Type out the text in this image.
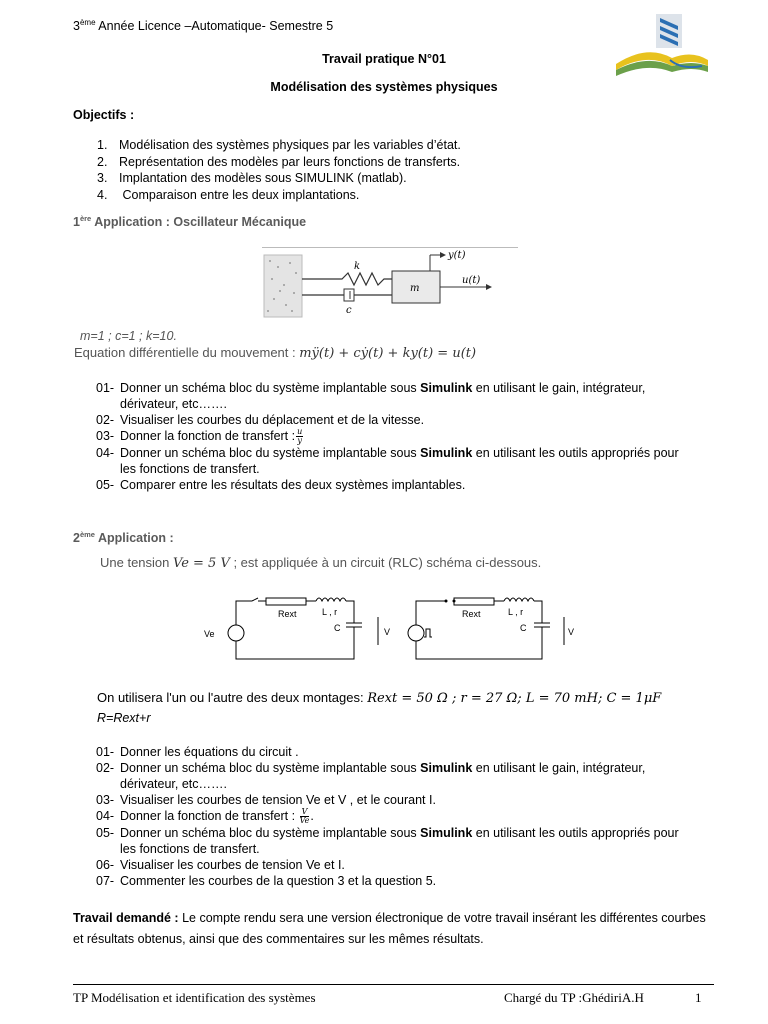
3ème Année Licence –Automatique- Semestre 5
Travail pratique N°01
Modélisation des systèmes physiques
Objectifs :
1. Modélisation des systèmes physiques par les variables d’état.
2. Représentation des modèles par leurs fonctions de transferts.
3. Implantation des modèles sous SIMULINK (matlab).
4. Comparaison entre les deux implantations.
1ère Application : Oscillateur Mécanique
k
c
m
y(t)
u(t)
m=1 ; c=1 ; k=10.
Equation différentielle du mouvement : mÿ(t) + cẏ(t) + ky(t) = u(t)
01- Donner un schéma bloc du système implantable sous Simulink en utilisant le gain, intégrateur, dérivateur, etc…….
02- Visualiser les courbes du déplacement et de la vitesse.
03- Donner la fonction de transfert : $\frac{u}{y}$
04- Donner un schéma bloc du système implantable sous Simulink en utilisant les outils appropriés pour les fonctions de transfert.
05- Comparer entre les résultats des deux systèmes implantables.
2ème Application :
Une tension Ve = 5 V ; est appliquée à un circuit (RLC) schéma ci-dessous.
Ve
Rext	L , r
C	V
Rext	L , r
C	V
On utilisera l'un ou l'autre des deux montages: Rext = 50 Ω ; r = 27 Ω; L = 70 mH; C = 1μF
R=Rext+r
01- Donner les équations du circuit .
02- Donner un schéma bloc du système implantable sous Simulink en utilisant le gain, intégrateur, dérivateur, etc…….
03- Visualiser les courbes de tension Ve et V , et le courant I.
04- Donner la fonction de transfert : $\frac{V}{Ve}$ .
05- Donner un schéma bloc du système implantable sous Simulink en utilisant les outils appropriés pour les fonctions de transfert.
06- Visualiser les courbes de tension Ve et I.
07- Commenter les courbes de la question 3 et la question 5.
Travail demandé : Le compte rendu sera une version électronique de votre travail insérant les différentes courbes et résultats obtenus, ainsi que des commentaires sur les mêmes résultats.
TP Modélisation et identification des systèmes	Chargé du TP :GhédiriA.H	1
